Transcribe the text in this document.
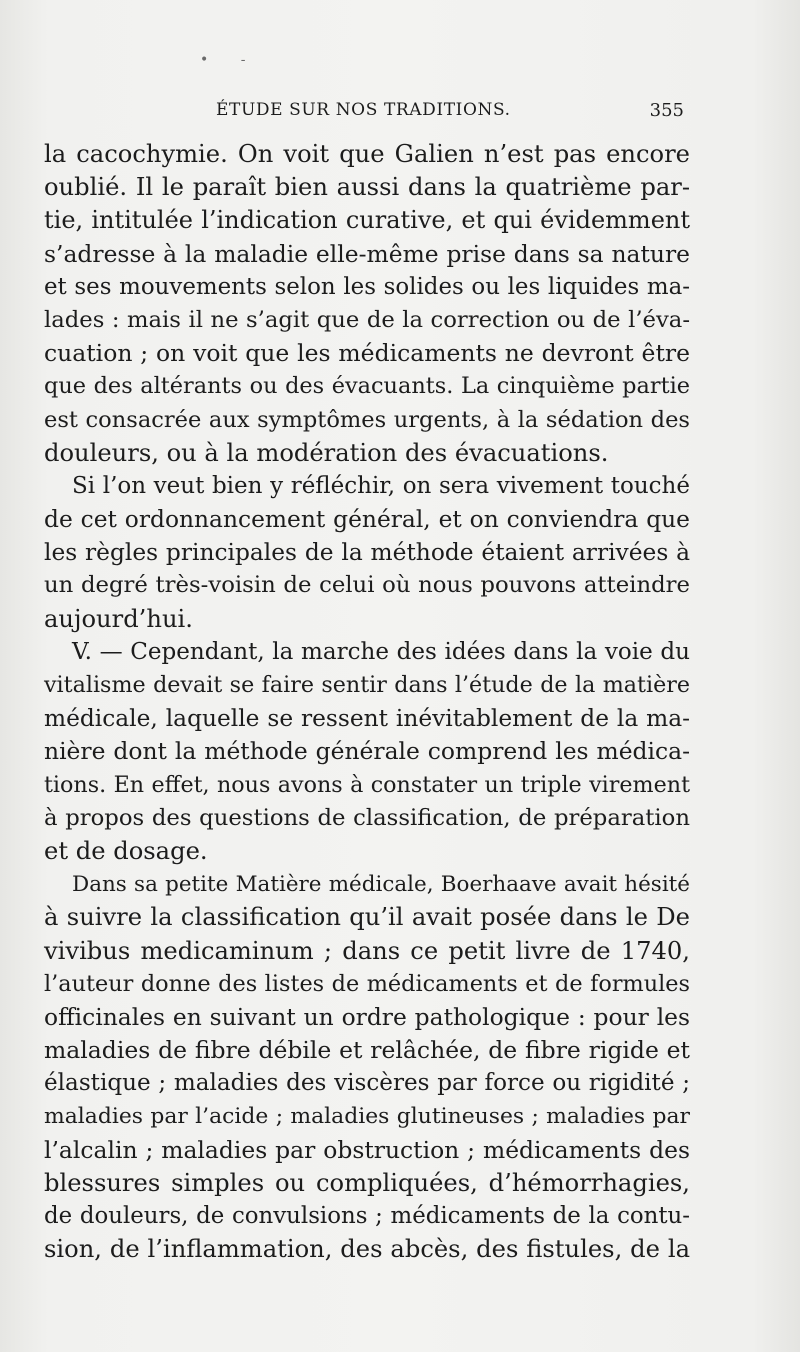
• -
ÉTUDE SUR NOS TRADITIONS.	355
la cacochymie. On voit que Galien n’est pas encore
oublié. Il le paraît bien aussi dans la quatrième par-
tie, intitulée l’indication curative, et qui évidemment
s’adresse à la maladie elle-même prise dans sa nature
et ses mouvements selon les solides ou les liquides ma-
lades : mais il ne s’agit que de la correction ou de l’éva-
cuation ; on voit que les médicaments ne devront être
que des altérants ou des évacuants. La cinquième partie
est consacrée aux symptômes urgents, à la sédation des
douleurs, ou à la modération des évacuations.
Si l’on veut bien y réfléchir, on sera vivement touché
de cet ordonnancement général, et on conviendra que
les règles principales de la méthode étaient arrivées à
un degré très-voisin de celui où nous pouvons atteindre
aujourd’hui.
V. — Cependant, la marche des idées dans la voie du
vitalisme devait se faire sentir dans l’étude de la matière
médicale, laquelle se ressent inévitablement de la ma-
nière dont la méthode générale comprend les médica-
tions. En effet, nous avons à constater un triple virement
à propos des questions de classification, de préparation
et de dosage.
Dans sa petite Matière médicale, Boerhaave avait hésité
à suivre la classification qu’il avait posée dans le De
vivibus medicaminum ; dans ce petit livre de 1740,
l’auteur donne des listes de médicaments et de formules
officinales en suivant un ordre pathologique : pour les
maladies de fibre débile et relâchée, de fibre rigide et
élastique ; maladies des viscères par force ou rigidité ;
maladies par l’acide ; maladies glutineuses ; maladies par
l’alcalin ; maladies par obstruction ; médicaments des
blessures simples ou compliquées, d’hémorrhagies,
de douleurs, de convulsions ; médicaments de la contu-
sion, de l’inflammation, des abcès, des fistules, de la
